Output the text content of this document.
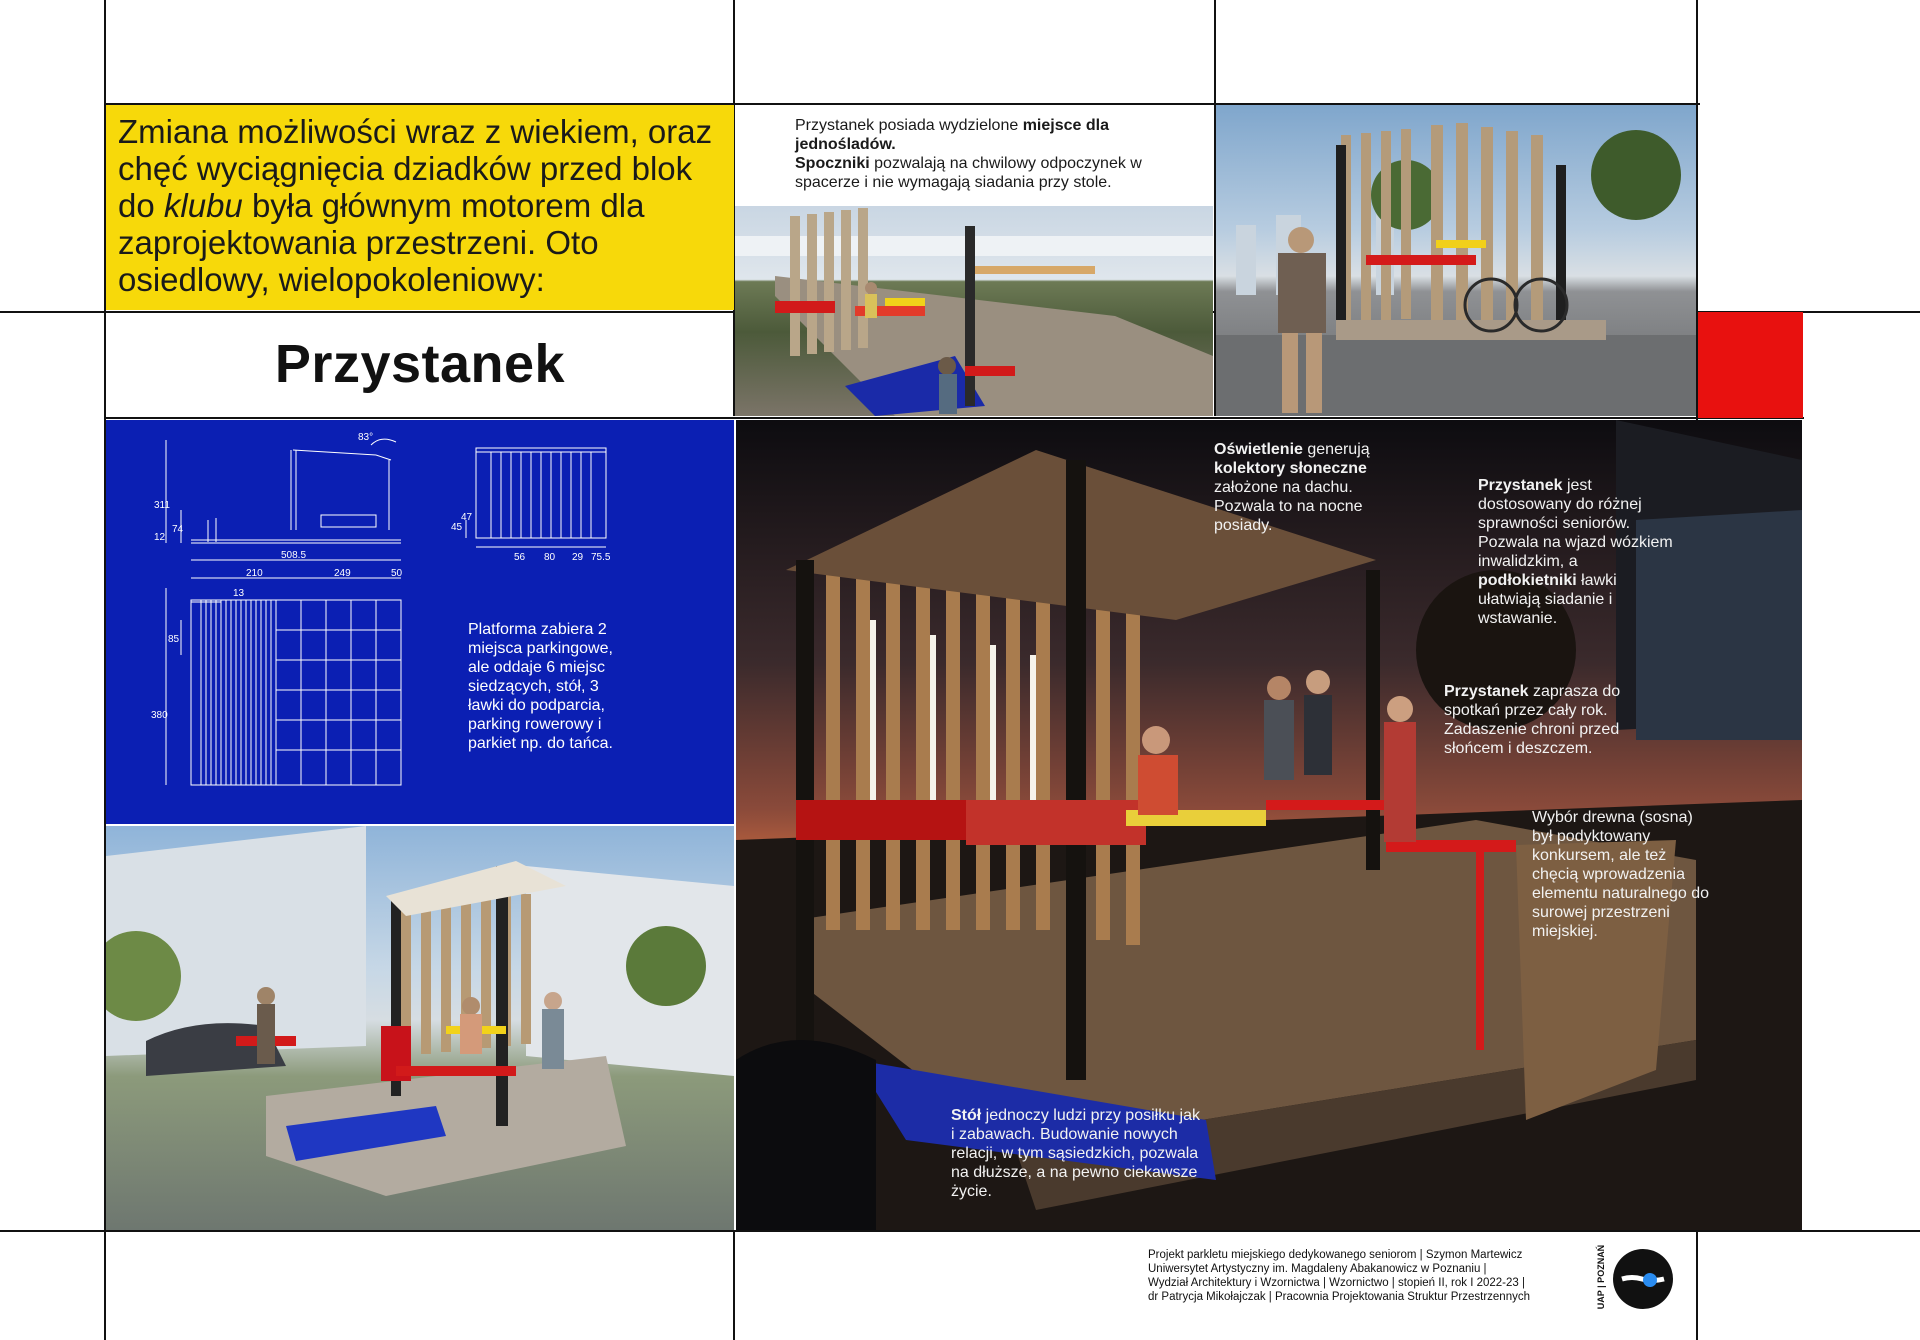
Zmiana możliwości wraz z wiekiem, oraz
chęć wyciągnięcia dziadków przed blok
do klubu była głównym motorem dla
zaprojektowania przestrzeni. Oto
osiedlowy, wielopokoleniowy:
Przystanek
Przystanek posiada wydzielone miejsce dla jednośladów.
Spoczniki pozwalają na chwilowy odpoczynek w spacerze i nie wymagają siadania przy stole.
83°
311
74
12
45
47
56 80 29 75.5
508.5
210	249	50
13
85
380
Platforma zabiera 2 miejsca parkingowe, ale oddaje 6 miejsc siedzących, stół, 3 ławki do podparcia, parking rowerowy i parkiet np. do tańca.
Oświetlenie generują kolektory słoneczne założone na dachu. Pozwala to na nocne posiady.
Przystanek jest dostosowany do różnej sprawności seniorów. Pozwala na wjazd wózkiem inwalidzkim, a podłokietniki ławki ułatwiają siadanie i wstawanie.
Przystanek zaprasza do spotkań przez cały rok. Zadaszenie chroni przed słońcem i deszczem.
Wybór drewna (sosna) był podyktowany konkursem, ale też chęcią wprowadzenia elementu naturalnego do surowej przestrzeni miejskiej.
Stół jednoczy ludzi przy posiłku jak i zabawach. Budowanie nowych relacji, w tym sąsiedzkich, pozwala na dłuższe, a na pewno ciekawsze życie.
Projekt parkletu miejskiego dedykowanego seniorom | Szymon Martewicz
Uniwersytet Artystyczny im. Magdaleny Abakanowicz w Poznaniu |
Wydział Architektury i Wzornictwa | Wzornictwo | stopień II, rok I 2022-23 |
dr Patrycja Mikołajczak | Pracownia Projektowania Struktur Przestrzennych	UAP | POZNAŃ
